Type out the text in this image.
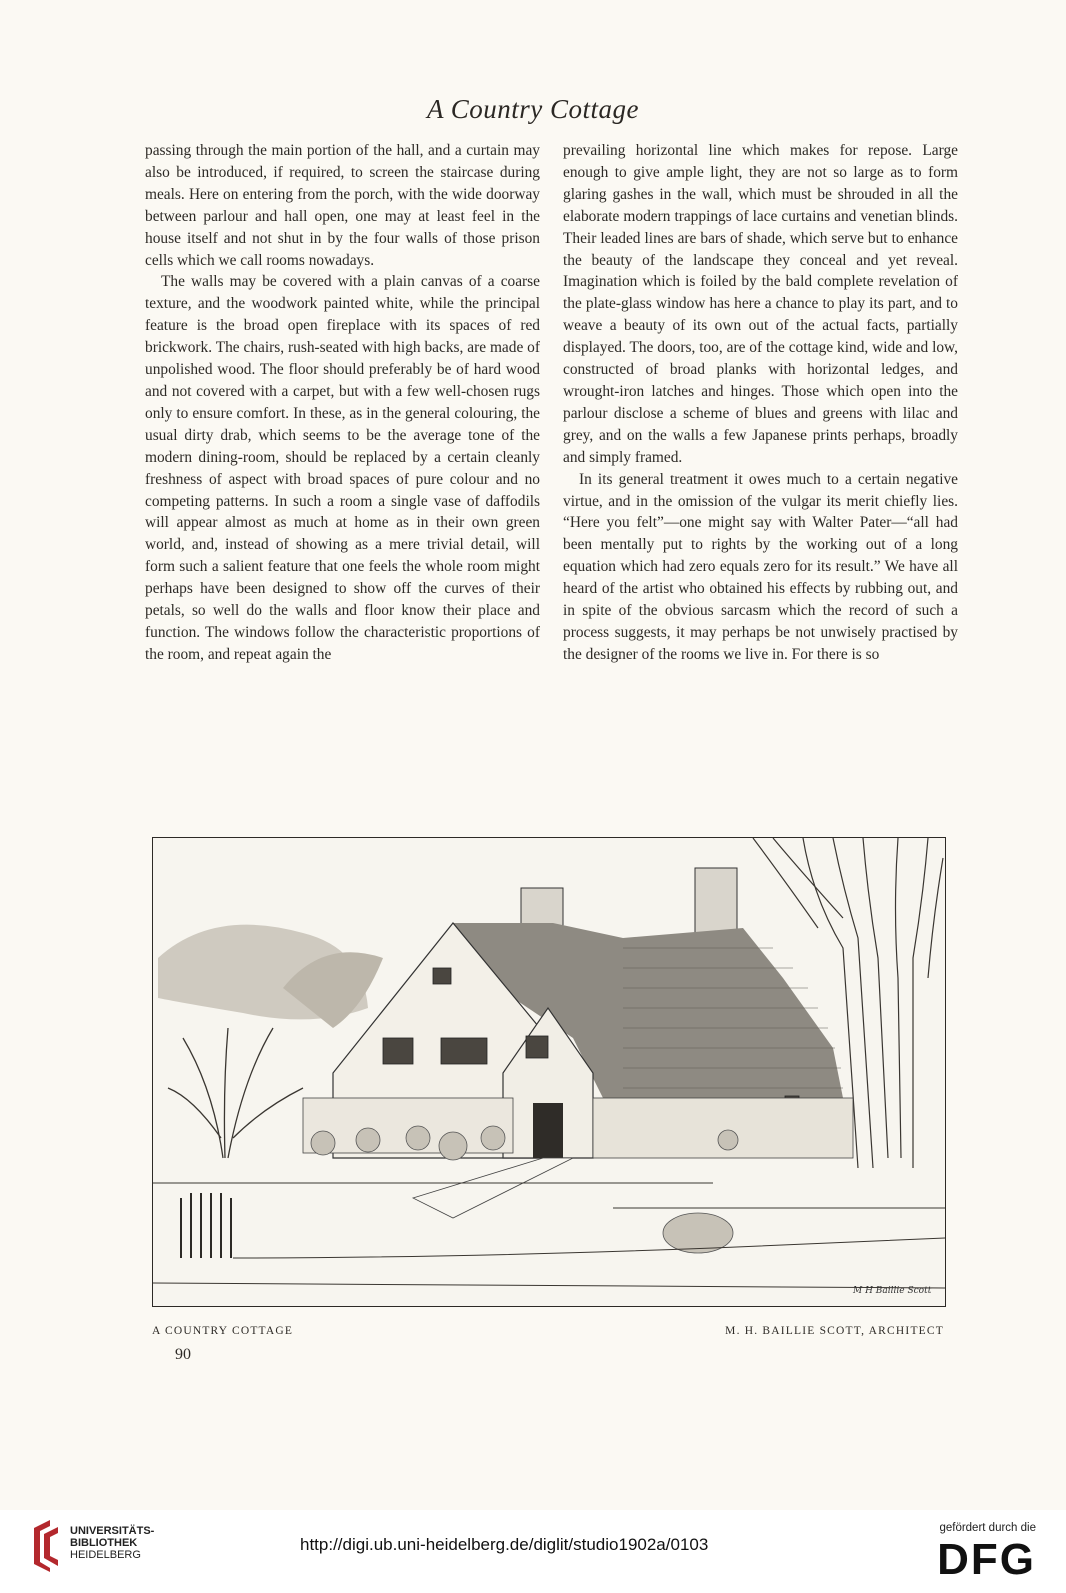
A Country Cottage

passing through the main portion of the hall, and a curtain may also be introduced, if required, to screen the staircase during meals. Here on entering from the porch, with the wide doorway between parlour and hall open, one may at least feel in the house itself and not shut in by the four walls of those prison cells which we call rooms nowadays.

The walls may be covered with a plain canvas of a coarse texture, and the woodwork painted white, while the principal feature is the broad open fireplace with its spaces of red brickwork. The chairs, rush-seated with high backs, are made of unpolished wood. The floor should preferably be of hard wood and not covered with a carpet, but with a few well-chosen rugs only to ensure comfort. In these, as in the general colouring, the usual dirty drab, which seems to be the average tone of the modern dining-room, should be replaced by a certain cleanly freshness of aspect with broad spaces of pure colour and no competing patterns. In such a room a single vase of daffodils will appear almost as much at home as in their own green world, and, instead of showing as a mere trivial detail, will form such a salient feature that one feels the whole room might perhaps have been designed to show off the curves of their petals, so well do the walls and floor know their place and function. The windows follow the characteristic proportions of the room, and repeat again the

prevailing horizontal line which makes for repose. Large enough to give ample light, they are not so large as to form glaring gashes in the wall, which must be shrouded in all the elaborate modern trappings of lace curtains and venetian blinds. Their leaded lines are bars of shade, which serve but to enhance the beauty of the landscape they conceal and yet reveal. Imagination which is foiled by the bald complete revelation of the plate-glass window has here a chance to play its part, and to weave a beauty of its own out of the actual facts, partially displayed. The doors, too, are of the cottage kind, wide and low, constructed of broad planks with horizontal ledges, and wrought-iron latches and hinges. Those which open into the parlour disclose a scheme of blues and greens with lilac and grey, and on the walls a few Japanese prints perhaps, broadly and simply framed.

In its general treatment it owes much to a certain negative virtue, and in the omission of the vulgar its merit chiefly lies. “Here you felt”—one might say with Walter Pater—“all had been mentally put to rights by the working out of a long equation which had zero equals zero for its result.” We have all heard of the artist who obtained his effects by rubbing out, and in spite of the obvious sarcasm which the record of such a process suggests, it may perhaps be not unwisely practised by the designer of the rooms we live in. For there is so

M H Baillie Scott
A COUNTRY COTTAGE	M. H. BAILLIE SCOTT, ARCHITECT
90
UNIVERSITÄTS-
BIBLIOTHEK
HEIDELBERG
http://digi.ub.uni-heidelberg.de/diglit/studio1902a/0103
gefördert durch die
DFG
